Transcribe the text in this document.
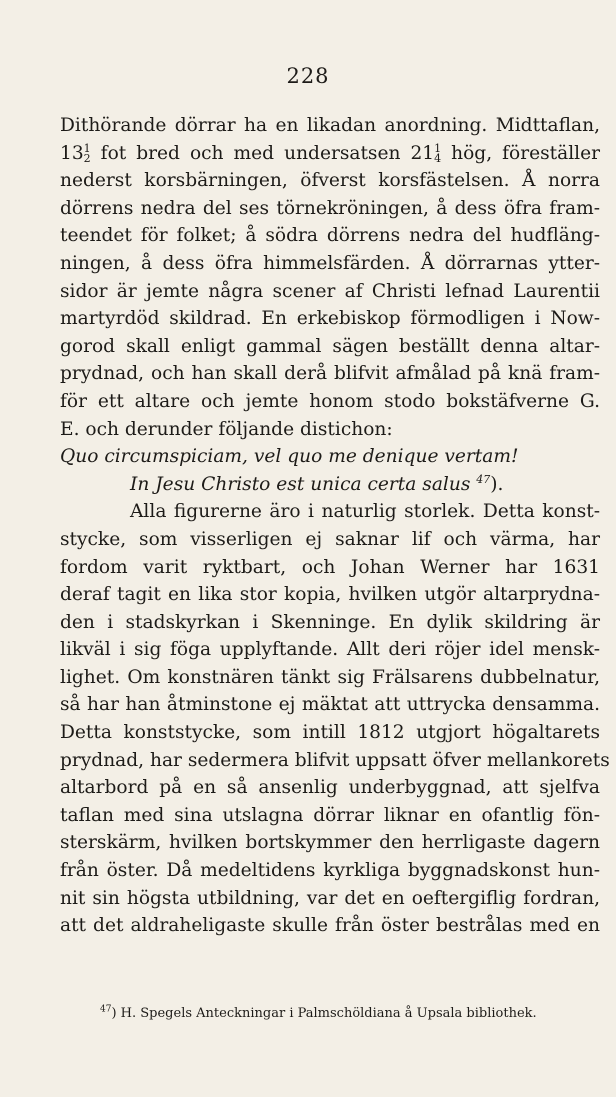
228
Dithörande dörrar ha en likadan anordning. Midttaflan,
131
2 fot bred och med undersatsen 211
4 hög, föreställer
nederst korsbärningen, öfverst korsfästelsen. Å norra
dörrens nedra del ses törnekröningen, å dess öfra fram-
teendet för folket; å södra dörrens nedra del hudfläng-
ningen, å dess öfra himmelsfärden. Å dörrarnas ytter-
sidor är jemte några scener af Christi lefnad Laurentii
martyrdöd skildrad. En erkebiskop förmodligen i Now-
gorod skall enligt gammal sägen beställt denna altar-
prydnad, och han skall derå blifvit afmålad på knä fram-
för ett altare och jemte honom stodo bokstäfverne G.
E. och derunder följande distichon:
Quo circumspiciam, vel quo me denique vertam!
In Jesu Christo est unica certa salus $^{47}$).
Alla figurerne äro i naturlig storlek. Detta konst-
stycke, som visserligen ej saknar lif och värma, har
fordom varit ryktbart, och Johan Werner har 1631
deraf tagit en lika stor kopia, hvilken utgör altarprydna-
den i stadskyrkan i Skenninge. En dylik skildring är
likväl i sig föga upplyftande. Allt deri röjer idel mensk-
lighet. Om konstnären tänkt sig Frälsarens dubbelnatur,
så har han åtminstone ej mäktat att uttrycka densamma.
Detta konststycke, som intill 1812 utgjort högaltarets
prydnad, har sedermera blifvit uppsatt öfver mellankorets
altarbord på en så ansenlig underbyggnad, att sjelfva
taflan med sina utslagna dörrar liknar en ofantlig fön-
sterskärm, hvilken bortskymmer den herrligaste dagern
från öster. Då medeltidens kyrkliga byggnadskonst hun-
nit sin högsta utbildning, var det en oeftergiflig fordran,
att det aldraheligaste skulle från öster bestrålas med en
$^{47}$) H. Spegels Anteckningar i Palmschöldiana å Upsala bibliothek.
